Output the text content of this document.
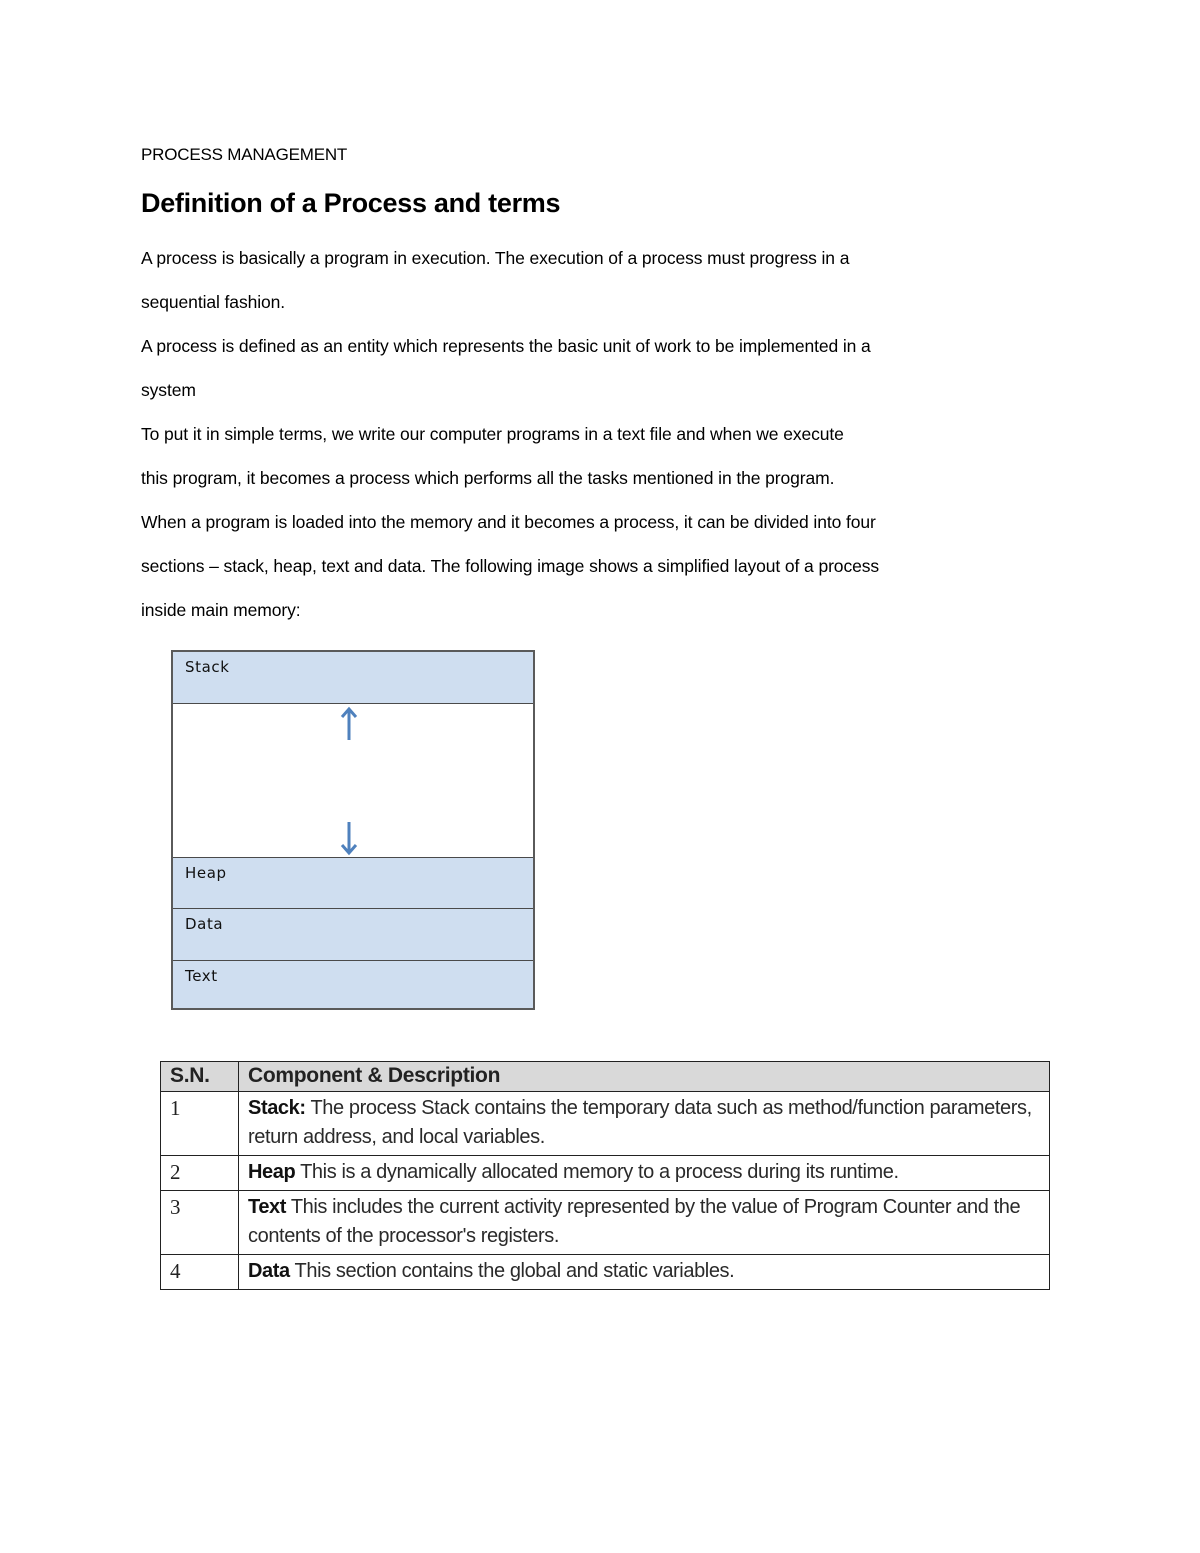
PROCESS MANAGEMENT
Definition of a Process and terms
A process is basically a program in execution. The execution of a process must progress in a
sequential fashion.
A process is defined as an entity which represents the basic unit of work to be implemented in a
system
To put it in simple terms, we write our computer programs in a text file and when we execute
this program, it becomes a process which performs all the tasks mentioned in the program.
When a program is loaded into the memory and it becomes a process, it can be divided into four
sections – stack, heap, text and data. The following image shows a simplified layout of a process
inside main memory:
Stack
Heap
Data
Text
S.N.	Component & Description
1	Stack: The process Stack contains the temporary data such as method/function parameters, return address, and local variables.
2	Heap This is a dynamically allocated memory to a process during its runtime.
3	Text This includes the current activity represented by the value of Program Counter and the contents of the processor's registers.
4	Data This section contains the global and static variables.
